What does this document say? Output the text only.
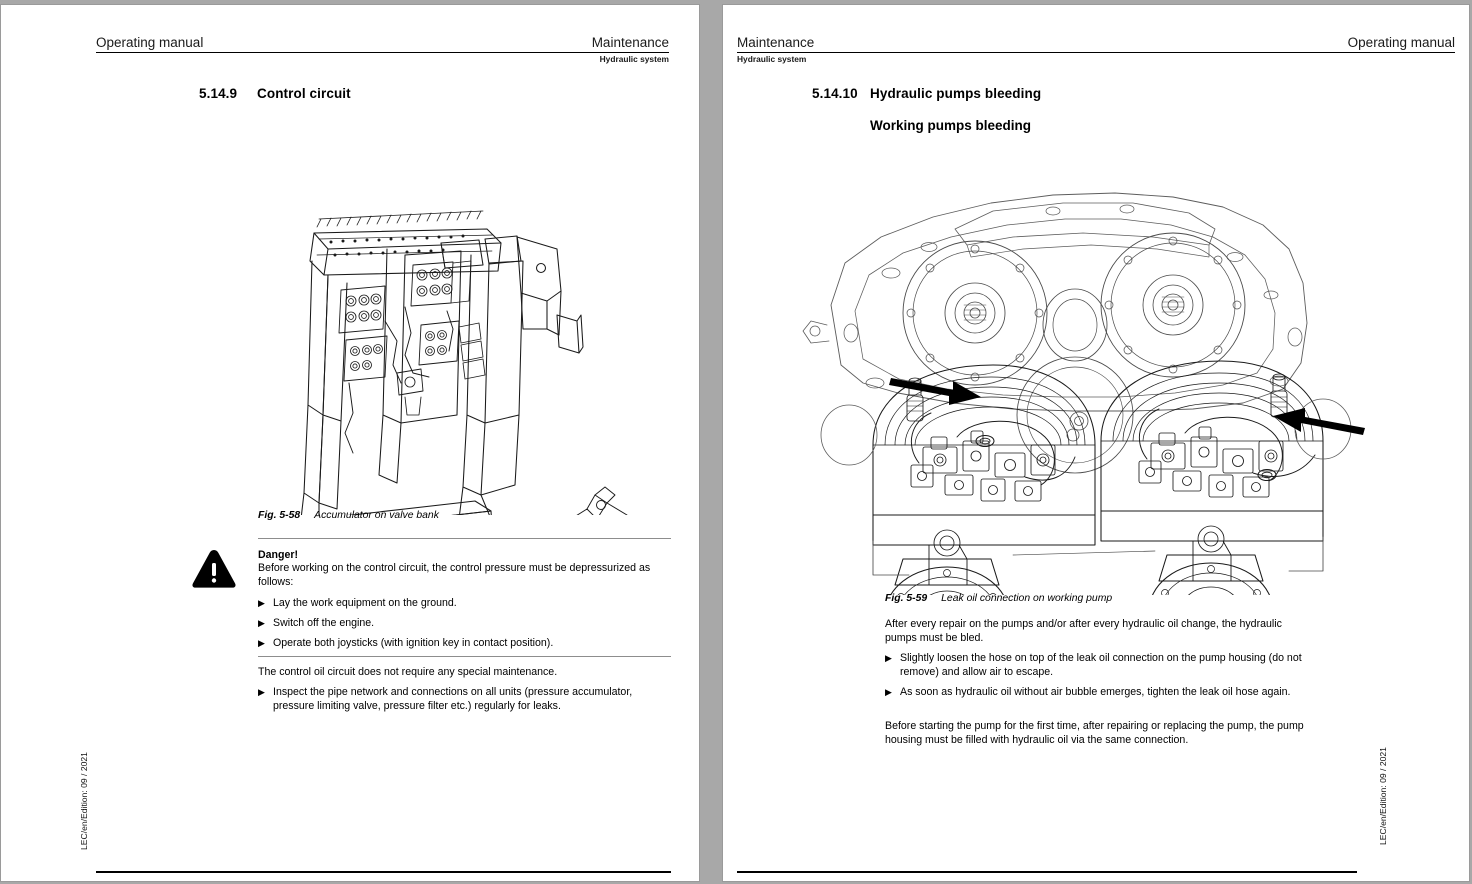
Operating manual	Maintenance
Hydraulic system
5.14.9	Control circuit
Fig. 5-58 Accumulator on valve bank
Danger!
Before working on the control circuit, the control pressure must be depressurized as follows:
▶ Lay the work equipment on the ground.
▶ Switch off the engine.
▶ Operate both joysticks (with ignition key in contact position).
The control oil circuit does not require any special maintenance.
▶ Inspect the pipe network and connections on all units (pressure accumulator, pressure limiting valve, pressure filter etc.) regularly for leaks.
LEC/en/Edition: 09 / 2021
Maintenance	Operating manual
Hydraulic system
5.14.10 Hydraulic pumps bleeding
Working pumps bleeding
Fig. 5-59 Leak oil connection on working pump
After every repair on the pumps and/or after every hydraulic oil change, the hydraulic pumps must be bled.
▶ Slightly loosen the hose on top of the leak oil connection on the pump housing (do not remove) and allow air to escape.
▶ As soon as hydraulic oil without air bubble emerges, tighten the leak oil hose again.
Before starting the pump for the first time, after repairing or replacing the pump, the pump housing must be filled with hydraulic oil via the same connection.
LEC/en/Edition: 09 / 2021
